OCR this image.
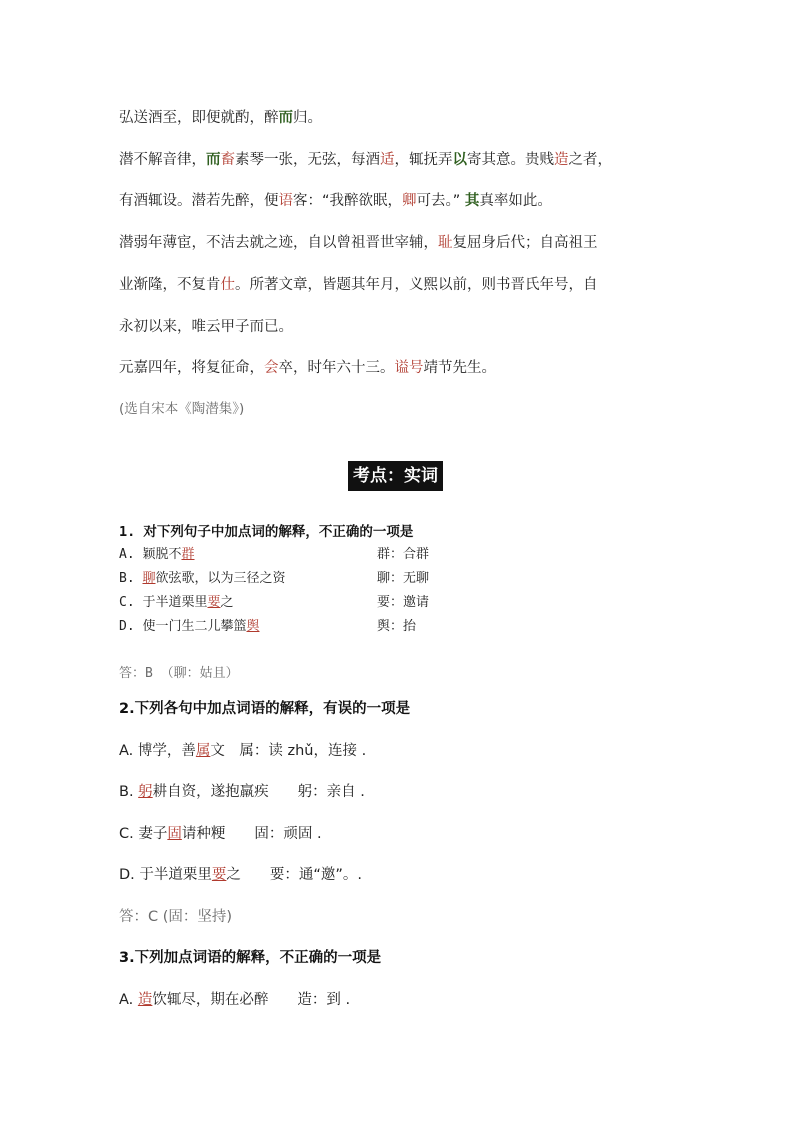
弘送酒至，即便就酌，醉而归。
潜不解音律，而畜素琴一张，无弦，每酒适，辄抚弄以寄其意。贵贱造之者，
有酒辄设。潜若先醉，便语客：“我醉欲眠，卿可去。” 其真率如此。
潜弱年薄宦，不洁去就之迹，自以曾祖晋世宰辅，耻复屈身后代；自高祖王
业渐隆，不复肯仕。所著文章，皆题其年月，义熙以前，则书晋氏年号，自
永初以来，唯云甲子而已。
元嘉四年，将复征命，会卒，时年六十三。谥号靖节先生。
(选自宋本《陶潜集》)
考点：实词
1. 对下列句子中加点词的解释，不正确的一项是
A. 颖脱不群	群：合群
B. 聊欲弦歌，以为三径之资	聊：无聊
C. 于半道栗里要之	要：邀请
D. 使一门生二儿攀篮舆	舆：抬
答：B （聊：姑且）
2.下列各句中加点词语的解释，有误的一项是
A. 博学，善属文　属：读 zhǔ，连接 .
B. 躬耕自资，遂抱羸疾　　躬：亲自 .
C. 妻子固请种粳　　固：顽固 .
D. 于半道栗里要之　　要：通“邀”。.
答：C (固：坚持)
3.下列加点词语的解释，不正确的一项是
A. 造饮辄尽，期在必醉　　造：到 .
